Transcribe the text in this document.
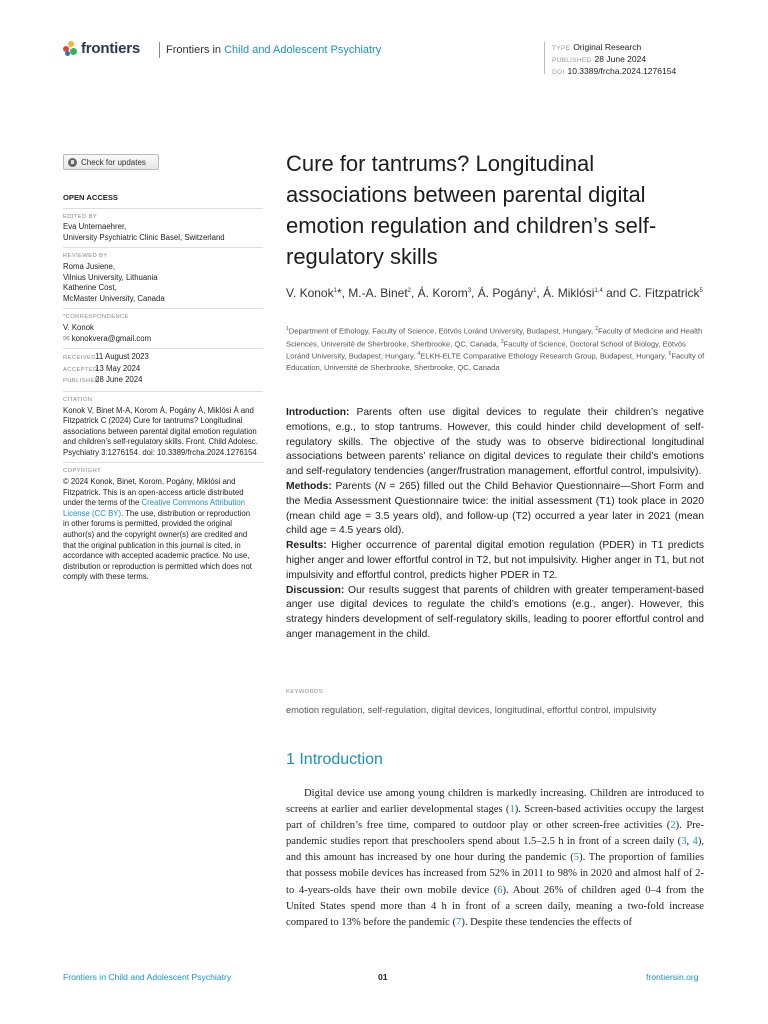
frontiers Frontiers in Child and Adolescent Psychiatry	TYPE Original Research
PUBLISHED 28 June 2024
DOI 10.3389/frcha.2024.1276154
Check for updates
OPEN ACCESS
EDITED BY
Eva Unternaehrer,
University Psychiatric Clinic Basel, Switzerland
REVIEWED BY
Roma Jusiene,
Vilnius University, Lithuania
Katherine Cost,
McMaster University, Canada
*CORRESPONDENCE
V. Konok
✉ konokvera@gmail.com
RECEIVED 11 August 2023
ACCEPTED 13 May 2024
PUBLISHED 28 June 2024
CITATION
Konok V, Binet M-A, Korom Á, Pogány Á, Miklósi Á and Fitzpatrick C (2024) Cure for tantrums? Longitudinal associations between parental digital emotion regulation and children’s self-regulatory skills. Front. Child Adolesc. Psychiatry 3:1276154. doi: 10.3389/frcha.2024.1276154
COPYRIGHT
© 2024 Konok, Binet, Korom, Pogány, Miklósi and Fitzpatrick. This is an open-access article distributed under the terms of the Creative Commons Attribution License (CC BY). The use, distribution or reproduction in other forums is permitted, provided the original author(s) and the copyright owner(s) are credited and that the original publication in this journal is cited, in accordance with accepted academic practice. No use, distribution or reproduction is permitted which does not comply with these terms.
Cure for tantrums? Longitudinal associations between parental digital emotion regulation and children’s self-regulatory skills
V. Konok$^1$*, M.-A. Binet$^2$, Á. Korom$^3$, Á. Pogány$^1$, Á. Miklósi$^{1,4}$ and C. Fitzpatrick$^5$
$^1$Department of Ethology, Faculty of Science, Eötvös Loránd University, Budapest, Hungary, $^2$Faculty of Medicine and Health Sciences, Université de Sherbrooke, Sherbrooke, QC, Canada, $^3$Faculty of Science, Doctoral School of Biology, Eötvös Loránd University, Budapest, Hungary, $^4$ELKH-ELTE Comparative Ethology Research Group, Budapest, Hungary, $^5$Faculty of Education, Université de Sherbrooke, Sherbrooke, QC, Canada

Introduction: Parents often use digital devices to regulate their children’s negative emotions, e.g., to stop tantrums. However, this could hinder child development of self-regulatory skills. The objective of the study was to observe bidirectional longitudinal associations between parents’ reliance on digital devices to regulate their child’s emotions and self-regulatory tendencies (anger/frustration management, effortful control, impulsivity).

Methods: Parents (N = 265) filled out the Child Behavior Questionnaire—Short Form and the Media Assessment Questionnaire twice: the initial assessment (T1) took place in 2020 (mean child age = 3.5 years old), and follow-up (T2) occurred a year later in 2021 (mean child age = 4.5 years old).

Results: Higher occurrence of parental digital emotion regulation (PDER) in T1 predicts higher anger and lower effortful control in T2, but not impulsivity. Higher anger in T1, but not impulsivity and effortful control, predicts higher PDER in T2.

Discussion: Our results suggest that parents of children with greater temperament-based anger use digital devices to regulate the child’s emotions (e.g., anger). However, this strategy hinders development of self-regulatory skills, leading to poorer effortful control and anger management in the child.

KEYWORDS
emotion regulation, self-regulation, digital devices, longitudinal, effortful control, impulsivity
1 Introduction
Digital device use among young children is markedly increasing. Children are introduced to screens at earlier and earlier developmental stages (1). Screen-based activities occupy the largest part of children’s free time, compared to outdoor play or other screen-free activities (2). Pre-pandemic studies report that preschoolers spend about 1.5–2.5 h in front of a screen daily (3, 4), and this amount has increased by one hour during the pandemic (5). The proportion of families that possess mobile devices has increased from 52% in 2011 to 98% in 2020 and almost half of 2- to 4-years-olds have their own mobile device (6). About 26% of children aged 0–4 from the United States spend more than 4 h in front of a screen daily, meaning a two-fold increase compared to 13% before the pandemic (7). Despite these tendencies the effects of
Frontiers in Child and Adolescent Psychiatry	01	frontiersin.org
